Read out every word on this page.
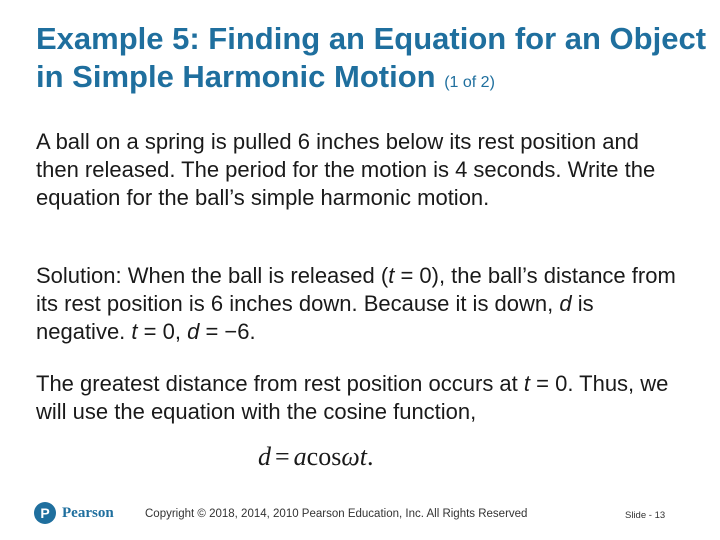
Example 5: Finding an Equation for an Object in Simple Harmonic Motion (1 of 2)
A ball on a spring is pulled 6 inches below its rest position and then released. The period for the motion is 4 seconds. Write the equation for the ball’s simple harmonic motion.
Solution: When the ball is released (t = 0), the ball’s distance from its rest position is 6 inches down. Because it is down, d is negative. t = 0, d = −6.
The greatest distance from rest position occurs at t = 0. Thus, we will use the equation with the cosine function,
d = acosωt.
P Pearson	Copyright © 2018, 2014, 2010 Pearson Education, Inc. All Rights Reserved	Slide - 13
